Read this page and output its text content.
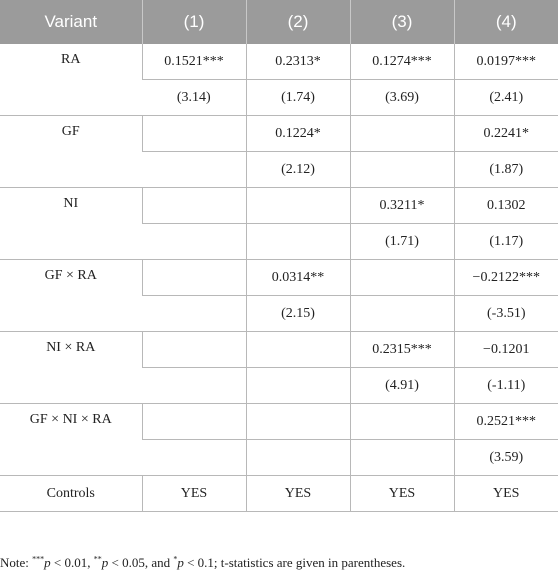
Variant	(1)	(2)	(3)	(4)
RA	0.1521***	0.2313*	0.1274***	0.0197***
	(3.14)	(1.74)	(3.69)	(2.41)
GF		0.1224*		0.2241*
		(2.12)		(1.87)
NI			0.3211*	0.1302
			(1.71)	(1.17)
GF × RA		0.0314**		−0.2122***
		(2.15)		(-3.51)
NI × RA			0.2315***	−0.1201
			(4.91)	(-1.11)
GF × NI × RA				0.2521***
				(3.59)
Controls	YES	YES	YES	YES
Note: ***p < 0.01, **p < 0.05, and *p < 0.1; t-statistics are given in parentheses.
